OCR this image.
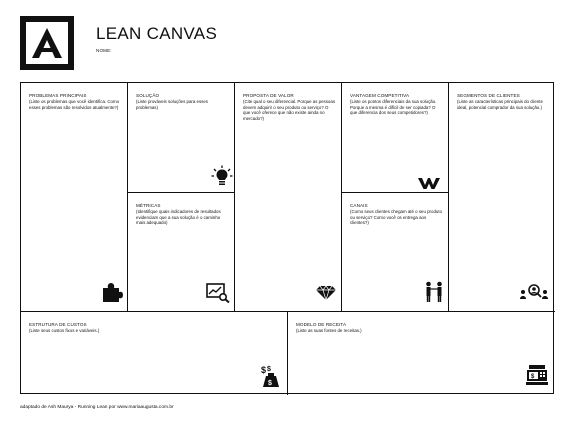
LEAN CANVAS
NOME:
PROBLEMAS PRINCIPAIS
(Liste os problemas que você identifica. Como esses problemas são resolvidos atualmente?)
SOLUÇÃO
(Liste prováveis soluções para esses problemas)
MÉTRICAS
(Identifique quais indicadores de resultados evidenciam que a sua solução é o caminho mais adequado)
PROPOSTA DE VALOR
(Cite qual o seu diferencial. Porque as pessoas devem adquirir o seu produto ou serviço? O que você oferece que não existe ainda no mercado?)
VANTAGEM COMPETITIVA
(Liste os pontos diferenciais da sua solução. Porque a mesma é difícil de ser copiada? O que diferencia dos seus competidores?)
CANAIS
(Como seus clientes chegam até o seu produto ou serviço? Como você os entrega aos clientes?)
SEGMENTOS DE CLIENTES
(Liste as características principais do cliente ideal, potencial comprador da sua solução.)
ESTRUTURA DE CUSTOS
(Liste seus custos fixos e variáveis.)
$ $
$
MODELO DE RECEITA
(Liste as suas fontes de receitas.)
$
adaptado de Ash Maurya - Running Lean por www.mariaaugusta.com.br
